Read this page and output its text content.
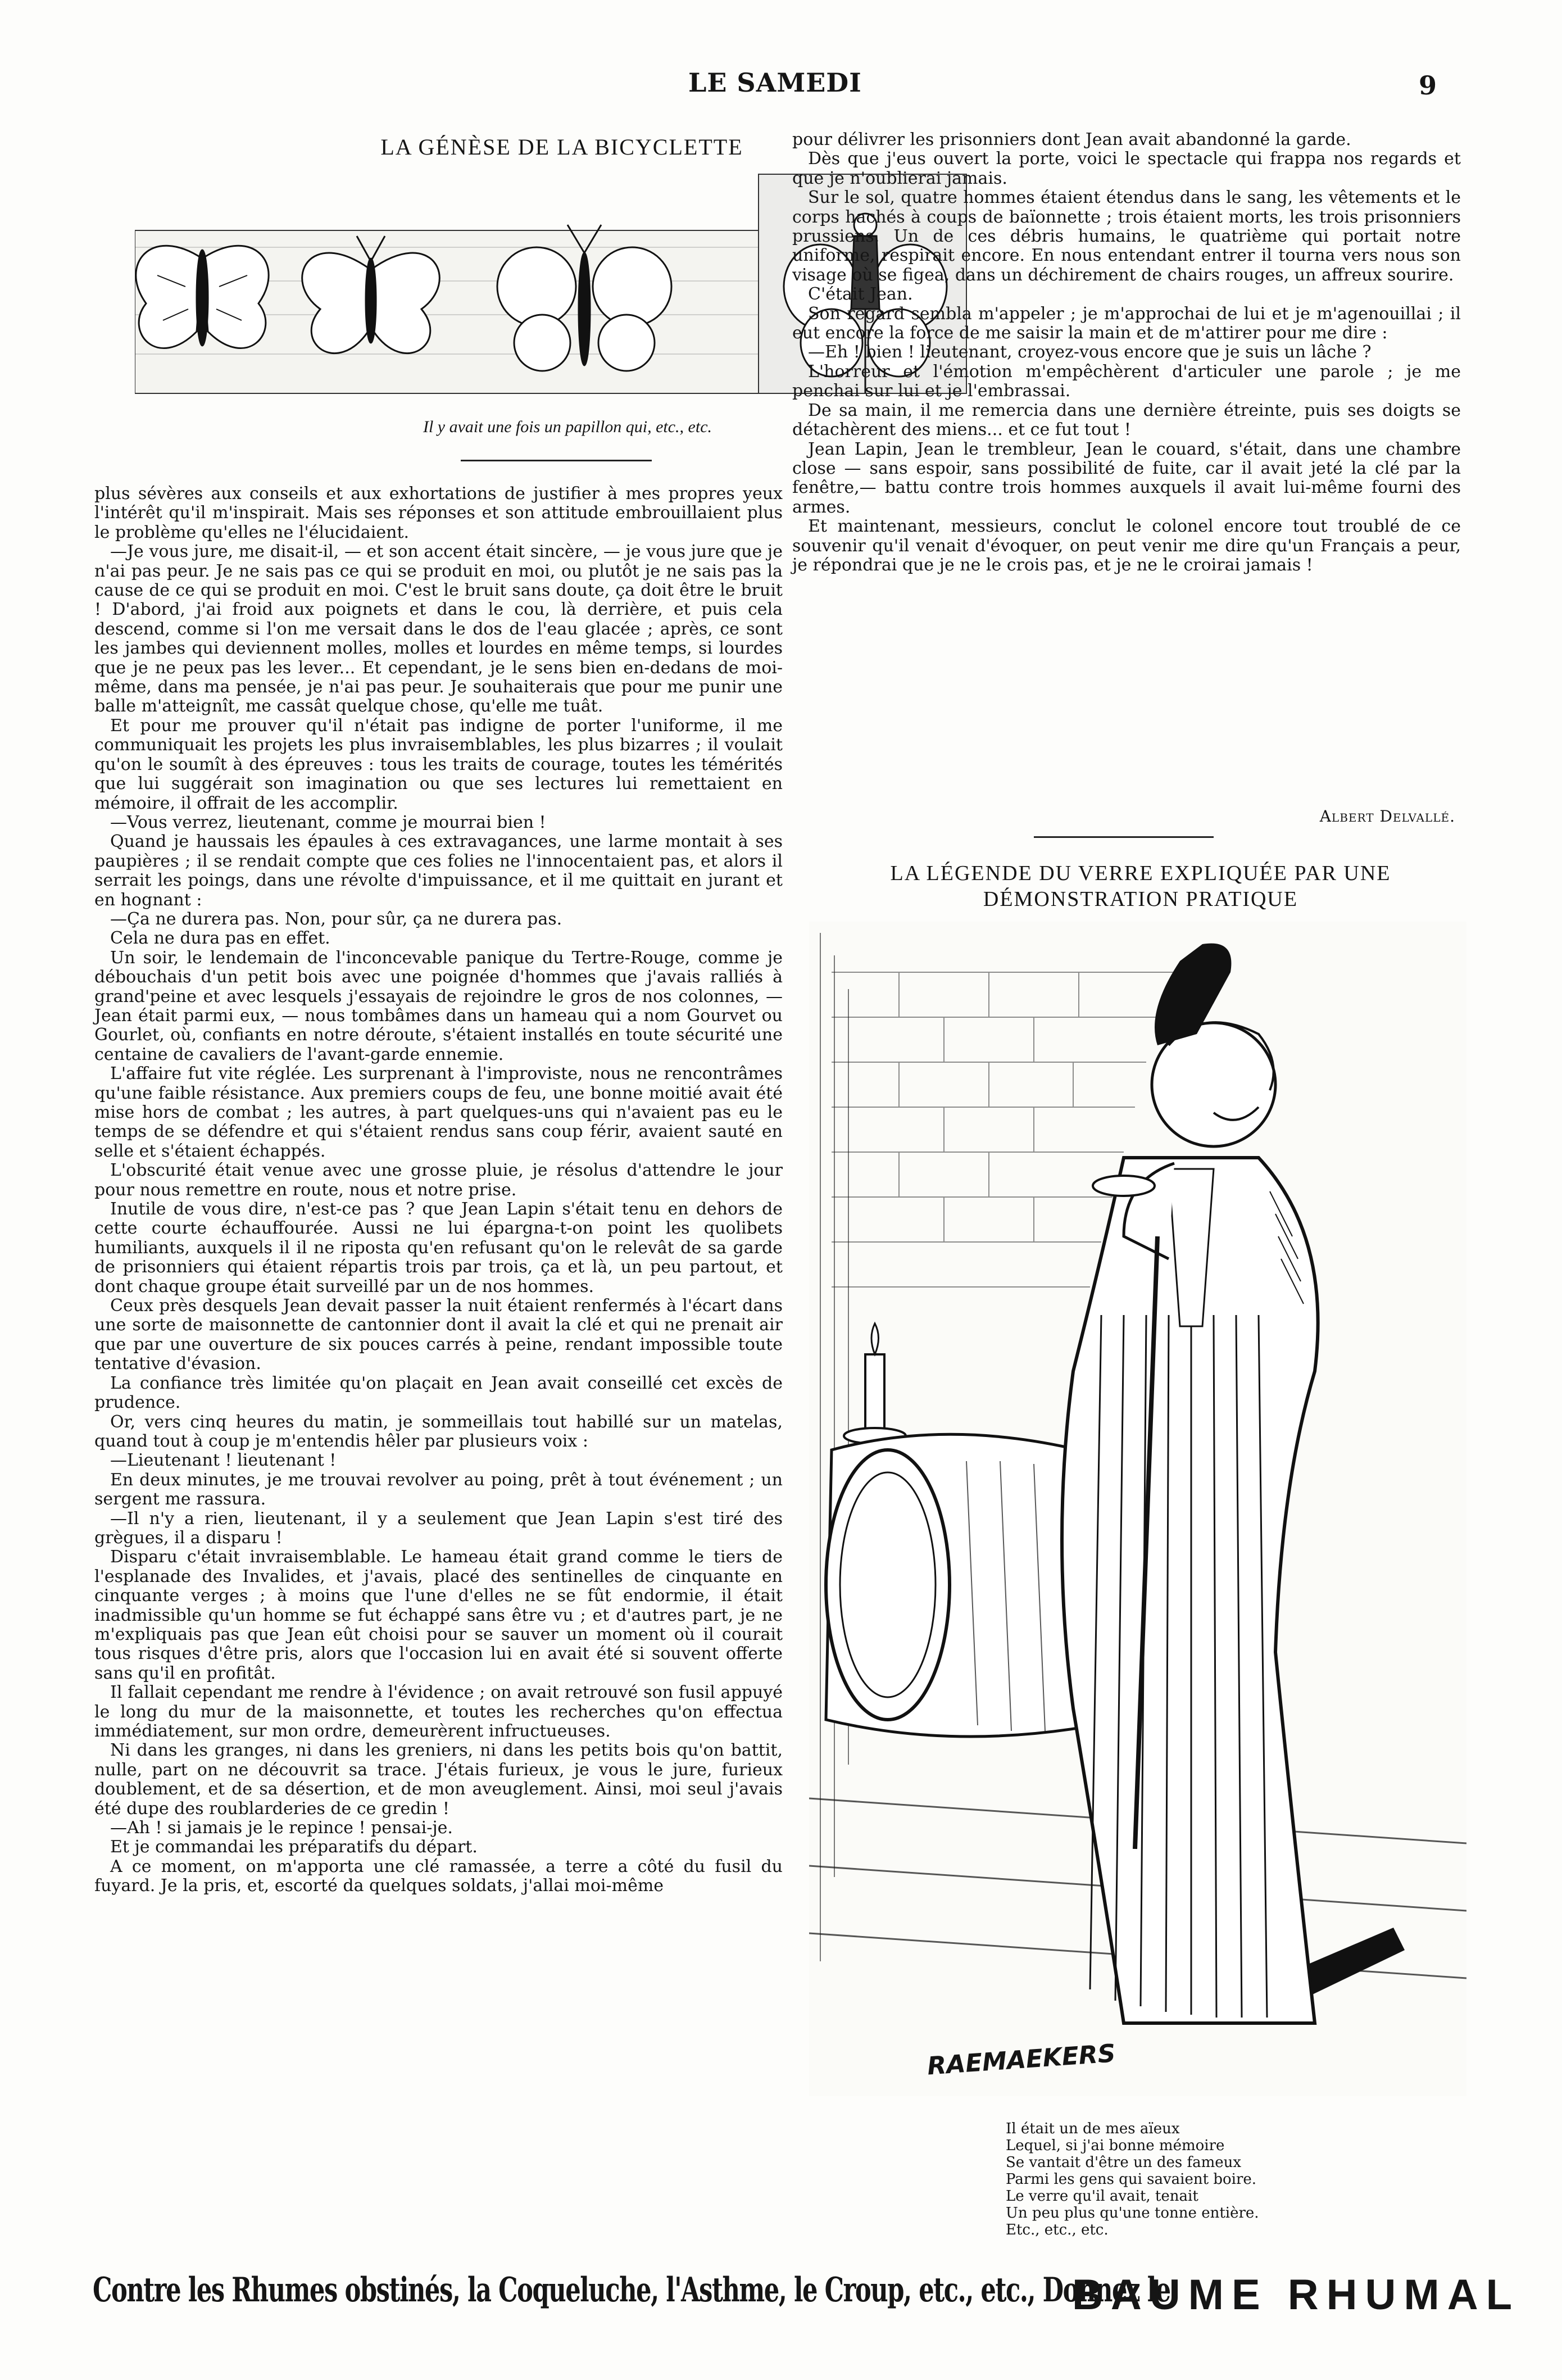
LE SAMEDI	9
LA GÉNÈSE DE LA BICYCLETTE
Il y avait une fois un papillon qui, etc., etc.

plus sévères aux conseils et aux exhortations de justifier à mes propres yeux l'intérêt qu'il m'inspirait. Mais ses réponses et son attitude embrouillaient plus le problème qu'elles ne l'élucidaient.

—Je vous jure, me disait-il, — et son accent était sincère, — je vous jure que je n'ai pas peur. Je ne sais pas ce qui se produit en moi, ou plutôt je ne sais pas la cause de ce qui se produit en moi. C'est le bruit sans doute, ça doit être le bruit ! D'abord, j'ai froid aux poignets et dans le cou, là derrière, et puis cela descend, comme si l'on me versait dans le dos de l'eau glacée ; après, ce sont les jambes qui deviennent molles, molles et lourdes en même temps, si lourdes que je ne peux pas les lever... Et cependant, je le sens bien en-dedans de moi-même, dans ma pensée, je n'ai pas peur. Je souhaiterais que pour me punir une balle m'atteignît, me cassât quelque chose, qu'elle me tuât.

Et pour me prouver qu'il n'était pas indigne de porter l'uniforme, il me communiquait les projets les plus invraisemblables, les plus bizarres ; il voulait qu'on le soumît à des épreuves : tous les traits de courage, toutes les témérités que lui suggérait son imagination ou que ses lectures lui remettaient en mémoire, il offrait de les accomplir.

—Vous verrez, lieutenant, comme je mourrai bien !

Quand je haussais les épaules à ces extravagances, une larme montait à ses paupières ; il se rendait compte que ces folies ne l'innocentaient pas, et alors il serrait les poings, dans une révolte d'impuissance, et il me quittait en jurant et en hognant :

—Ça ne durera pas. Non, pour sûr, ça ne durera pas.

Cela ne dura pas en effet.

Un soir, le lendemain de l'inconcevable panique du Tertre-Rouge, comme je débouchais d'un petit bois avec une poignée d'hommes que j'avais ralliés à grand'peine et avec lesquels j'essayais de rejoindre le gros de nos colonnes, — Jean était parmi eux, — nous tombâmes dans un hameau qui a nom Gourvet ou Gourlet, où, confiants en notre déroute, s'étaient installés en toute sécurité une centaine de cavaliers de l'avant-garde ennemie.

L'affaire fut vite réglée. Les surprenant à l'improviste, nous ne rencontrâmes qu'une faible résistance. Aux premiers coups de feu, une bonne moitié avait été mise hors de combat ; les autres, à part quelques-uns qui n'avaient pas eu le temps de se défendre et qui s'étaient rendus sans coup férir, avaient sauté en selle et s'étaient échappés.

L'obscurité était venue avec une grosse pluie, je résolus d'attendre le jour pour nous remettre en route, nous et notre prise.

Inutile de vous dire, n'est-ce pas ? que Jean Lapin s'était tenu en dehors de cette courte échauffourée. Aussi ne lui épargna-t-on point les quolibets humiliants, auxquels il il ne riposta qu'en refusant qu'on le relevât de sa garde de prisonniers qui étaient répartis trois par trois, ça et là, un peu partout, et dont chaque groupe était surveillé par un de nos hommes.

Ceux près desquels Jean devait passer la nuit étaient renfermés à l'écart dans une sorte de maisonnette de cantonnier dont il avait la clé et qui ne prenait air que par une ouverture de six pouces carrés à peine, rendant impossible toute tentative d'évasion.

La confiance très limitée qu'on plaçait en Jean avait conseillé cet excès de prudence.

Or, vers cinq heures du matin, je sommeillais tout habillé sur un matelas, quand tout à coup je m'entendis hêler par plusieurs voix :

—Lieutenant ! lieutenant !

En deux minutes, je me trouvai revolver au poing, prêt à tout événement ; un sergent me rassura.

—Il n'y a rien, lieutenant, il y a seulement que Jean Lapin s'est tiré des grègues, il a disparu !

Disparu c'était invraisemblable. Le hameau était grand comme le tiers de l'esplanade des Invalides, et j'avais, placé des sentinelles de cinquante en cinquante verges ; à moins que l'une d'elles ne se fût endormie, il était inadmissible qu'un homme se fut échappé sans être vu ; et d'autres part, je ne m'expliquais pas que Jean eût choisi pour se sauver un moment où il courait tous risques d'être pris, alors que l'occasion lui en avait été si souvent offerte sans qu'il en profitât.

Il fallait cependant me rendre à l'évidence ; on avait retrouvé son fusil appuyé le long du mur de la maisonnette, et toutes les recherches qu'on effectua immédiatement, sur mon ordre, demeurèrent infructueuses.

Ni dans les granges, ni dans les greniers, ni dans les petits bois qu'on battit, nulle, part on ne découvrit sa trace. J'étais furieux, je vous le jure, furieux doublement, et de sa désertion, et de mon aveuglement. Ainsi, moi seul j'avais été dupe des roublarderies de ce gredin !

—Ah ! si jamais je le repince ! pensai-je.

Et je commandai les préparatifs du départ.

A ce moment, on m'apporta une clé ramassée, a terre a côté du fusil du fuyard. Je la pris, et, escorté da quelques soldats, j'allai moi-même

pour délivrer les prisonniers dont Jean avait abandonné la garde.

Dès que j'eus ouvert la porte, voici le spectacle qui frappa nos regards et que je n'oublierai jamais.

Sur le sol, quatre hommes étaient étendus dans le sang, les vêtements et le corps hachés à coups de baïonnette ; trois étaient morts, les trois prisonniers prussiens. Un de ces débris humains, le quatrième qui portait notre uniforme, respirait encore. En nous entendant entrer il tourna vers nous son visage où se figea, dans un déchirement de chairs rouges, un affreux sourire.

C'était Jean.

Son regard sembla m'appeler ; je m'approchai de lui et je m'agenouillai ; il eut encore la force de me saisir la main et de m'attirer pour me dire :

—Eh ! bien ! lieutenant, croyez-vous encore que je suis un lâche ?

L'horreur et l'émotion m'empêchèrent d'articuler une parole ; je me penchai sur lui et je l'embrassai.

De sa main, il me remercia dans une dernière étreinte, puis ses doigts se détachèrent des miens... et ce fut tout !

Jean Lapin, Jean le trembleur, Jean le couard, s'était, dans une chambre close — sans espoir, sans possibilité de fuite, car il avait jeté la clé par la fenêtre,— battu contre trois hommes auxquels il avait lui-même fourni des armes.

Et maintenant, messieurs, conclut le colonel encore tout troublé de ce souvenir qu'il venait d'évoquer, on peut venir me dire qu'un Français a peur, je répondrai que je ne le crois pas, et je ne le croirai jamais !

Albert Delvallé.
LA LÉGENDE DU VERRE EXPLIQUÉE PAR UNE
DÉMONSTRATION PRATIQUE
RAEMAEKERS

Il était un de mes aïeux

Lequel, si j'ai bonne mémoire

Se vantait d'être un des fameux

Parmi les gens qui savaient boire.

Le verre qu'il avait, tenait

Un peu plus qu'une tonne entière.

Etc., etc., etc.

Contre les Rhumes obstinés, la Coqueluche, l'Asthme, le Croup, etc., etc., Donnez le
BAUME RHUMAL
